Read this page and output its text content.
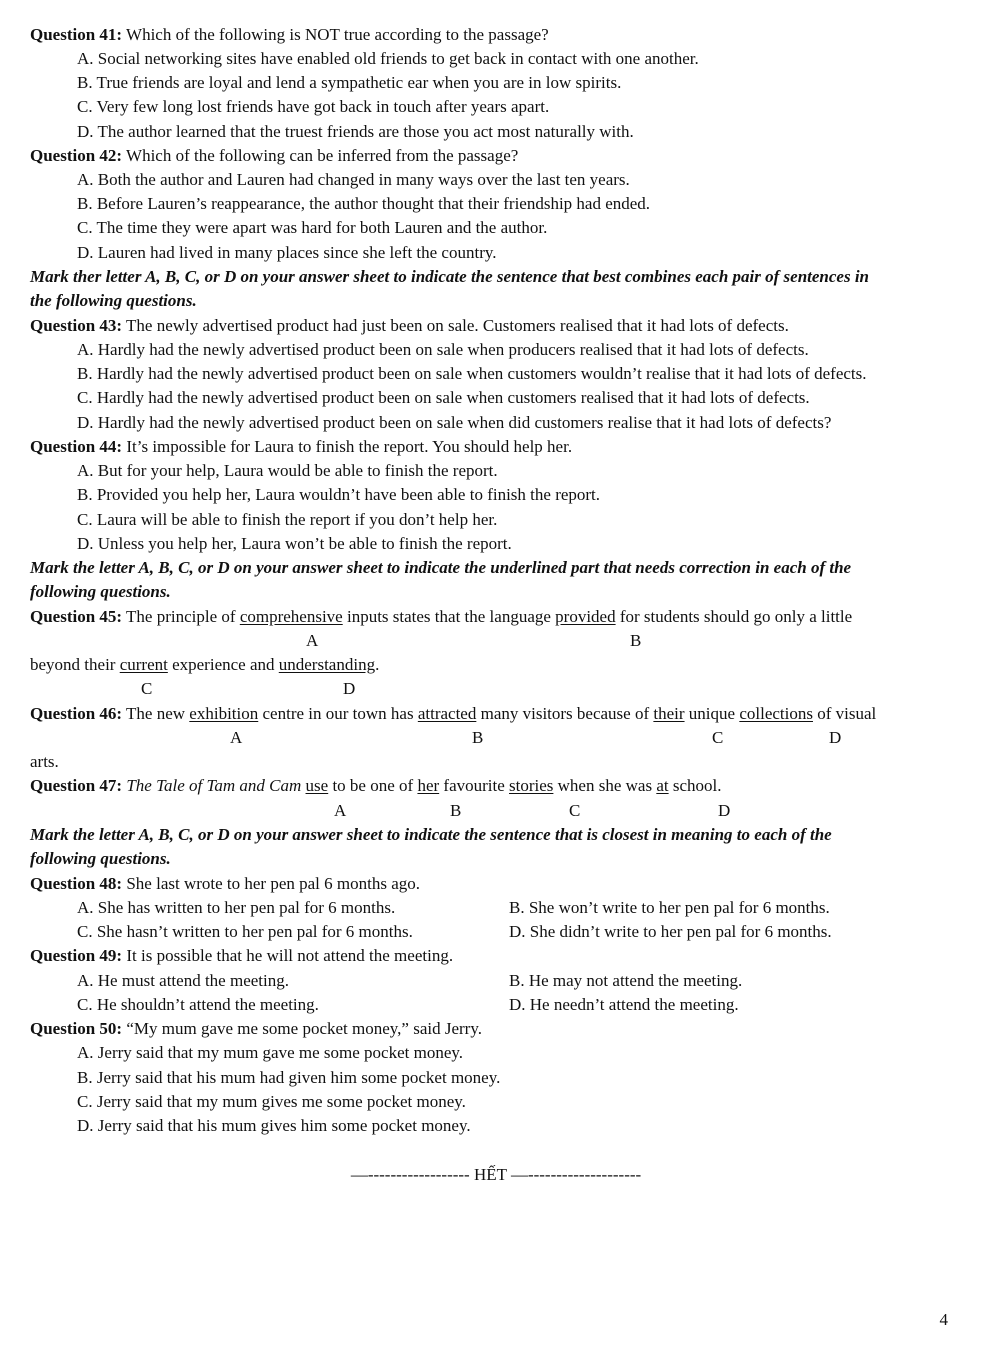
Question 41: Which of the following is NOT true according to the passage?
A. Social networking sites have enabled old friends to get back in contact with one another.
B. True friends are loyal and lend a sympathetic ear when you are in low spirits.
C. Very few long lost friends have got back in touch after years apart.
D. The author learned that the truest friends are those you act most naturally with.
Question 42: Which of the following can be inferred from the passage?
A. Both the author and Lauren had changed in many ways over the last ten years.
B. Before Lauren’s reappearance, the author thought that their friendship had ended.
C. The time they were apart was hard for both Lauren and the author.
D. Lauren had lived in many places since she left the country.
Mark ther letter A, B, C, or D on your answer sheet to indicate the sentence that best combines each pair of sentences in
the following questions.
Question 43: The newly advertised product had just been on sale. Customers realised that it had lots of defects.
A. Hardly had the newly advertised product been on sale when producers realised that it had lots of defects.
B. Hardly had the newly advertised product been on sale when customers wouldn’t realise that it had lots of defects.
C. Hardly had the newly advertised product been on sale when customers realised that it had lots of defects.
D. Hardly had the newly advertised product been on sale when did customers realise that it had lots of defects?
Question 44: It’s impossible for Laura to finish the report. You should help her.
A. But for your help, Laura would be able to finish the report.
B. Provided you help her, Laura wouldn’t have been able to finish the report.
C. Laura will be able to finish the report if you don’t help her.
D. Unless you help her, Laura won’t be able to finish the report.
Mark the letter A, B, C, or D on your answer sheet to indicate the underlined part that needs correction in each of the
following questions.
Question 45: The principle of comprehensive inputs states that the language provided for students should go only a little
A	B
beyond their current experience and understanding.
C	D
Question 46: The new exhibition centre in our town has attracted many visitors because of their unique collections of visual
A	B	C	D
arts.
Question 47: The Tale of Tam and Cam use to be one of her favourite stories when she was at school.
A	B	C	D
Mark the letter A, B, C, or D on your answer sheet to indicate the sentence that is closest in meaning to each of the
following questions.
Question 48: She last wrote to her pen pal 6 months ago.
A. She has written to her pen pal for 6 months.	B. She won’t write to her pen pal for 6 months.
C. She hasn’t written to her pen pal for 6 months.	D. She didn’t write to her pen pal for 6 months.
Question 49: It is possible that he will not attend the meeting.
A. He must attend the meeting.	B. He may not attend the meeting.
C. He shouldn’t attend the meeting.	D. He needn’t attend the meeting.
Question 50: “My mum gave me some pocket money,” said Jerry.
A. Jerry said that my mum gave me some pocket money.
B. Jerry said that his mum had given him some pocket money.
C. Jerry said that my mum gives me some pocket money.
D. Jerry said that his mum gives him some pocket money.
—------------------ HẾT —--------------------
4
